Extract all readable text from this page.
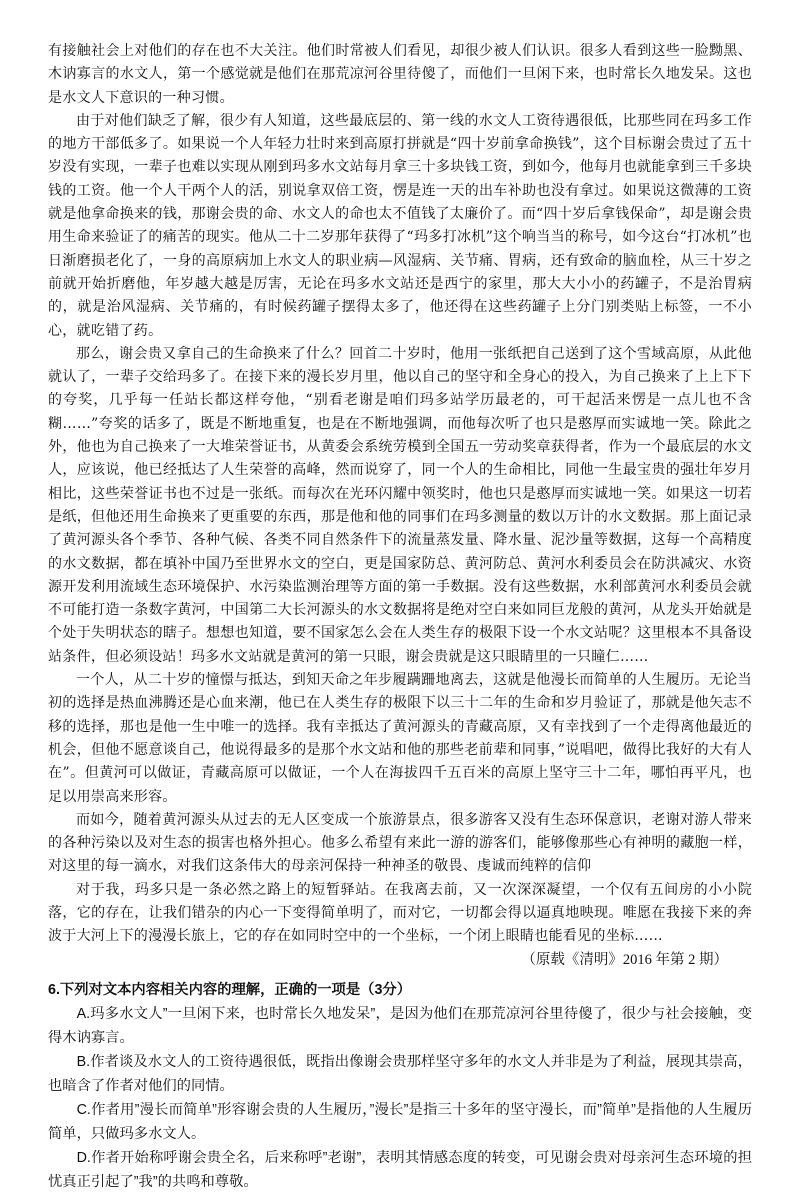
有接触社会上对他们的存在也不大关注。他们时常被人们看见，却很少被人们认识。很多人看到这些一脸黝黑、木讷寡言的水文人，第一个感觉就是他们在那荒凉河谷里待傻了，而他们一旦闲下来，也时常长久地发呆。这也是水文人下意识的一种习惯。

由于对他们缺乏了解，很少有人知道，这些最底层的、第一线的水文人工资待遇很低，比那些同在玛多工作的地方干部低多了。如果说一个人年轻力壮时来到高原打拼就是“四十岁前拿命换钱”，这个目标谢会贵过了五十岁没有实现，一辈子也难以实现从刚到玛多水文站每月拿三十多块钱工资，到如今，他每月也就能拿到三千多块钱的工资。他一个人干两个人的活，别说拿双倍工资，愣是连一天的出车补助也没有拿过。如果说这微薄的工资就是他拿命换来的钱，那谢会贵的命、水文人的命也太不值钱了太廉价了。而“四十岁后拿钱保命”，却是谢会贵用生命来验证了的痛苦的现实。他从二十二岁那年获得了“玛多打冰机”这个响当当的称号，如今这台“打冰机”也日渐磨损老化了，一身的高原病加上水文人的职业病—风湿病、关节痛、胃病，还有致命的脑血栓，从三十岁之前就开始折磨他，年岁越大越是厉害，无论在玛多水文站还是西宁的家里，那大大小小的药罐子，不是治胃病的，就是治风湿病、关节痛的，有时候药罐子摆得太多了，他还得在这些药罐子上分门别类贴上标签，一不小心，就吃错了药。

那么，谢会贵又拿自己的生命换来了什么？回首二十岁时，他用一张纸把自己送到了这个雪域高原，从此他就认了，一辈子交给玛多了。在接下来的漫长岁月里，他以自己的坚守和全身心的投入，为自己换来了上上下下的夸奖，几乎每一任站长都这样夸他，“别看老谢是咱们玛多站学历最老的，可干起活来愣是一点儿也不含糊……”夸奖的话多了，既是不断地重复，也是在不断地强调，而他每次听了也只是憨厚而实诚地一笑。除此之外，他也为自己换来了一大堆荣誉证书，从黄委会系统劳模到全国五一劳动奖章获得者，作为一个最底层的水文人，应该说，他已经抵达了人生荣誉的高峰，然而说穿了，同一个人的生命相比，同他一生最宝贵的强壮年岁月相比，这些荣誉证书也不过是一张纸。而每次在光环闪耀中领奖时，他也只是憨厚而实诚地一笑。如果这一切若是纸，但他还用生命换来了更重要的东西，那是他和他的同事们在玛多测量的数以万计的水文数据。那上面记录了黄河源头各个季节、各种气候、各类不同自然条件下的流量蒸发量、降水量、泥沙量等数据，这每一个高精度的水文数据，都在填补中国乃至世界水文的空白，更是国家防总、黄河防总、黄河水利委员会在防洪减灾、水资源开发利用流域生态环境保护、水污染监测治理等方面的第一手数据。没有这些数据，水利部黄河水利委员会就不可能打造一条数字黄河，中国第二大长河源头的水文数据将是绝对空白来如同巨龙般的黄河，从龙头开始就是个处于失明状态的瞎子。想想也知道，要不国家怎么会在人类生存的极限下设一个水文站呢？这里根本不具备设站条件，但必须设站！玛多水文站就是黄河的第一只眼，谢会贵就是这只眼睛里的一只瞳仁……

一个人，从二十岁的憧憬与抵达，到知天命之年步履蹒跚地离去，这就是他漫长而简单的人生履历。无论当初的选择是热血沸腾还是心血来潮，他已在人类生存的极限下以三十二年的生命和岁月验证了，那就是他矢志不移的选择，那也是他一生中唯一的选择。我有幸抵达了黄河源头的青藏高原，又有幸找到了一个走得离他最近的机会，但他不愿意谈自己，他说得最多的是那个水文站和他的那些老前辈和同事，”说唱吧，做得比我好的大有人在”。但黄河可以做证，青藏高原可以做证，一个人在海拔四千五百米的高原上坚守三十二年，哪怕再平凡，也足以用崇高来形容。

而如今，随着黄河源头从过去的无人区变成一个旅游景点，很多游客又没有生态环保意识，老谢对游人带来的各种污染以及对生态的损害也格外担心。他多么希望有来此一游的游客们，能够像那些心有神明的藏胞一样，对这里的每一滴水，对我们这条伟大的母亲河保持一种神圣的敬畏、虔诚而纯粹的信仰

对于我，玛多只是一条必然之路上的短暂驿站。在我离去前，又一次深深凝望，一个仅有五间房的小小院落，它的存在，让我们错杂的内心一下变得简单明了，而对它，一切都会得以逼真地映现。唯愿在我接下来的奔波于大河上下的漫漫长旅上，它的存在如同时空中的一个坐标，一个闭上眼睛也能看见的坐标……

（原载《清明》2016 年第 2 期）

6.下列对文本内容相关内容的理解，正确的一项是（3分）

A.玛多水文人”一旦闲下来，也时常长久地发呆”，是因为他们在那荒凉河谷里待傻了，很少与社会接触，变得木讷寡言。

B.作者谈及水文人的工资待遇很低，既指出像谢会贵那样坚守多年的水文人并非是为了利益，展现其崇高，也暗含了作者对他们的同情。

C.作者用”漫长而简单”形容谢会贵的人生履历，”漫长”是指三十多年的坚守漫长，而”简单”是指他的人生履历简单，只做玛多水文人。

D.作者开始称呼谢会贵全名，后来称呼”老谢”，表明其情感态度的转变，可见谢会贵对母亲河生态环境的担忧真正引起了”我”的共鸣和尊敬。
